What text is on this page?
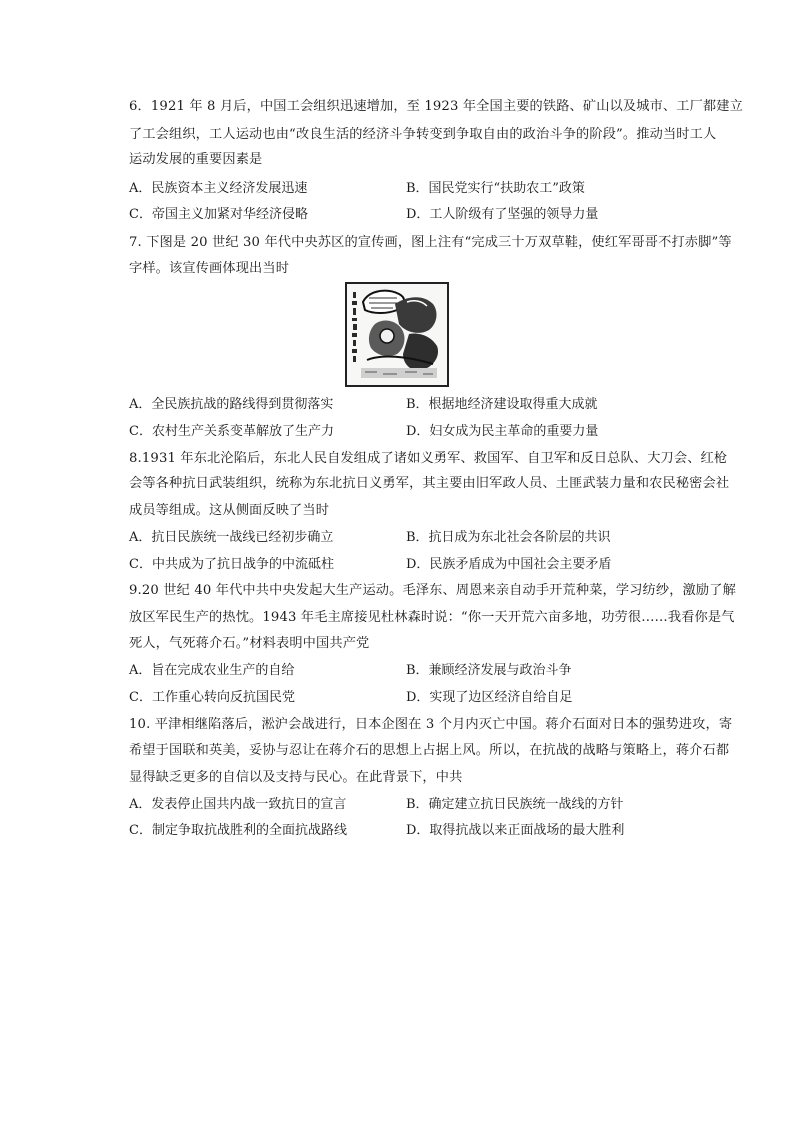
6．1921 年 8 月后，中国工会组织迅速增加，至 1923 年全国主要的铁路、矿山以及城市、工厂都建立
了工会组织，工人运动也由“改良生活的经济斗争转变到争取自由的政治斗争的阶段”。推动当时工人
运动发展的重要因素是
A．民族资本主义经济发展迅速	B．国民党实行“扶助农工”政策
C．帝国主义加紧对华经济侵略	D．工人阶级有了坚强的领导力量
7. 下图是 20 世纪 30 年代中央苏区的宣传画，图上注有“完成三十万双草鞋，使红军哥哥不打赤脚”等
字样。该宣传画体现出当时
A．全民族抗战的路线得到贯彻落实	B．根据地经济建设取得重大成就
C．农村生产关系变革解放了生产力	D．妇女成为民主革命的重要力量
8.1931 年东北沦陷后，东北人民自发组成了诸如义勇军、救国军、自卫军和反日总队、大刀会、红枪
会等各种抗日武装组织，统称为东北抗日义勇军，其主要由旧军政人员、土匪武装力量和农民秘密会社
成员等组成。这从侧面反映了当时
A．抗日民族统一战线已经初步确立	B．抗日成为东北社会各阶层的共识
C．中共成为了抗日战争的中流砥柱	D．民族矛盾成为中国社会主要矛盾
9.20 世纪 40 年代中共中央发起大生产运动。毛泽东、周恩来亲自动手开荒种菜，学习纺纱，激励了解
放区军民生产的热忱。1943 年毛主席接见杜林森时说：“你一天开荒六亩多地，功劳很……我看你是气
死人，气死蒋介石。”材料表明中国共产党
A．旨在完成农业生产的自给	B．兼顾经济发展与政治斗争
C．工作重心转向反抗国民党	D．实现了边区经济自给自足
10. 平津相继陷落后，淞沪会战进行，日本企图在 3 个月内灭亡中国。蒋介石面对日本的强势进攻，寄
希望于国联和英美，妥协与忍让在蒋介石的思想上占据上风。所以，在抗战的战略与策略上，蒋介石都
显得缺乏更多的自信以及支持与民心。在此背景下，中共
A．发表停止国共内战一致抗日的宣言	B．确定建立抗日民族统一战线的方针
C．制定争取抗战胜利的全面抗战路线	D．取得抗战以来正面战场的最大胜利
